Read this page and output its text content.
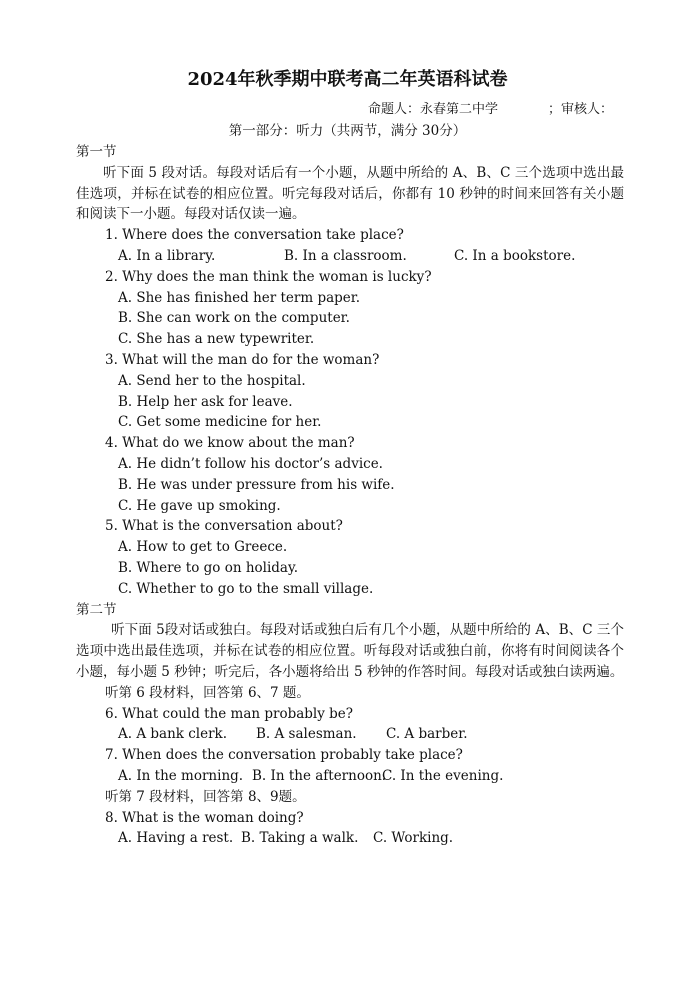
2024年秋季期中联考高二年英语科试卷
命题人：永春第二中学	；审核人：
第一部分：听力（共两节，满分 30分）
第一节

听下面 5 段对话。每段对话后有一个小题，从题中所给的 A、B、C 三个选项中选出最佳选项，并标在试卷的相应位置。听完每段对话后，你都有 10 秒钟的时间来回答有关小题和阅读下一小题。每段对话仅读一遍。

1. Where does the conversation take place?
A. In a library.	B. In a classroom.	C. In a bookstore.
2. Why does the man think the woman is lucky?
A. She has finished her term paper.
B. She can work on the computer.
C. She has a new typewriter.
3. What will the man do for the woman?
A. Send her to the hospital.
B. Help her ask for leave.
C. Get some medicine for her.
4. What do we know about the man?
A. He didn’t follow his doctor’s advice.
B. He was under pressure from his wife.
C. He gave up smoking.
5. What is the conversation about?
A. How to get to Greece.
B. Where to go on holiday.
C. Whether to go to the small village.
第二节

听下面 5段对话或独白。每段对话或独白后有几个小题，从题中所给的 A、B、C 三个选项中选出最佳选项，并标在试卷的相应位置。听每段对话或独白前，你将有时间阅读各个小题，每小题 5 秒钟；听完后，各小题将给出 5 秒钟的作答时间。每段对话或独白读两遍。

听第 6 段材料，回答第 6、7 题。
6. What could the man probably be?
A. A bank clerk. B. A salesman. C. A barber.
7. When does the conversation probably take place?
A. In the morning. B. In the afternoon.
C. In the evening.
听第 7 段材料，回答第 8、9题。
8. What is the woman doing?
A. Having a rest. B. Taking a walk. C. Working.
